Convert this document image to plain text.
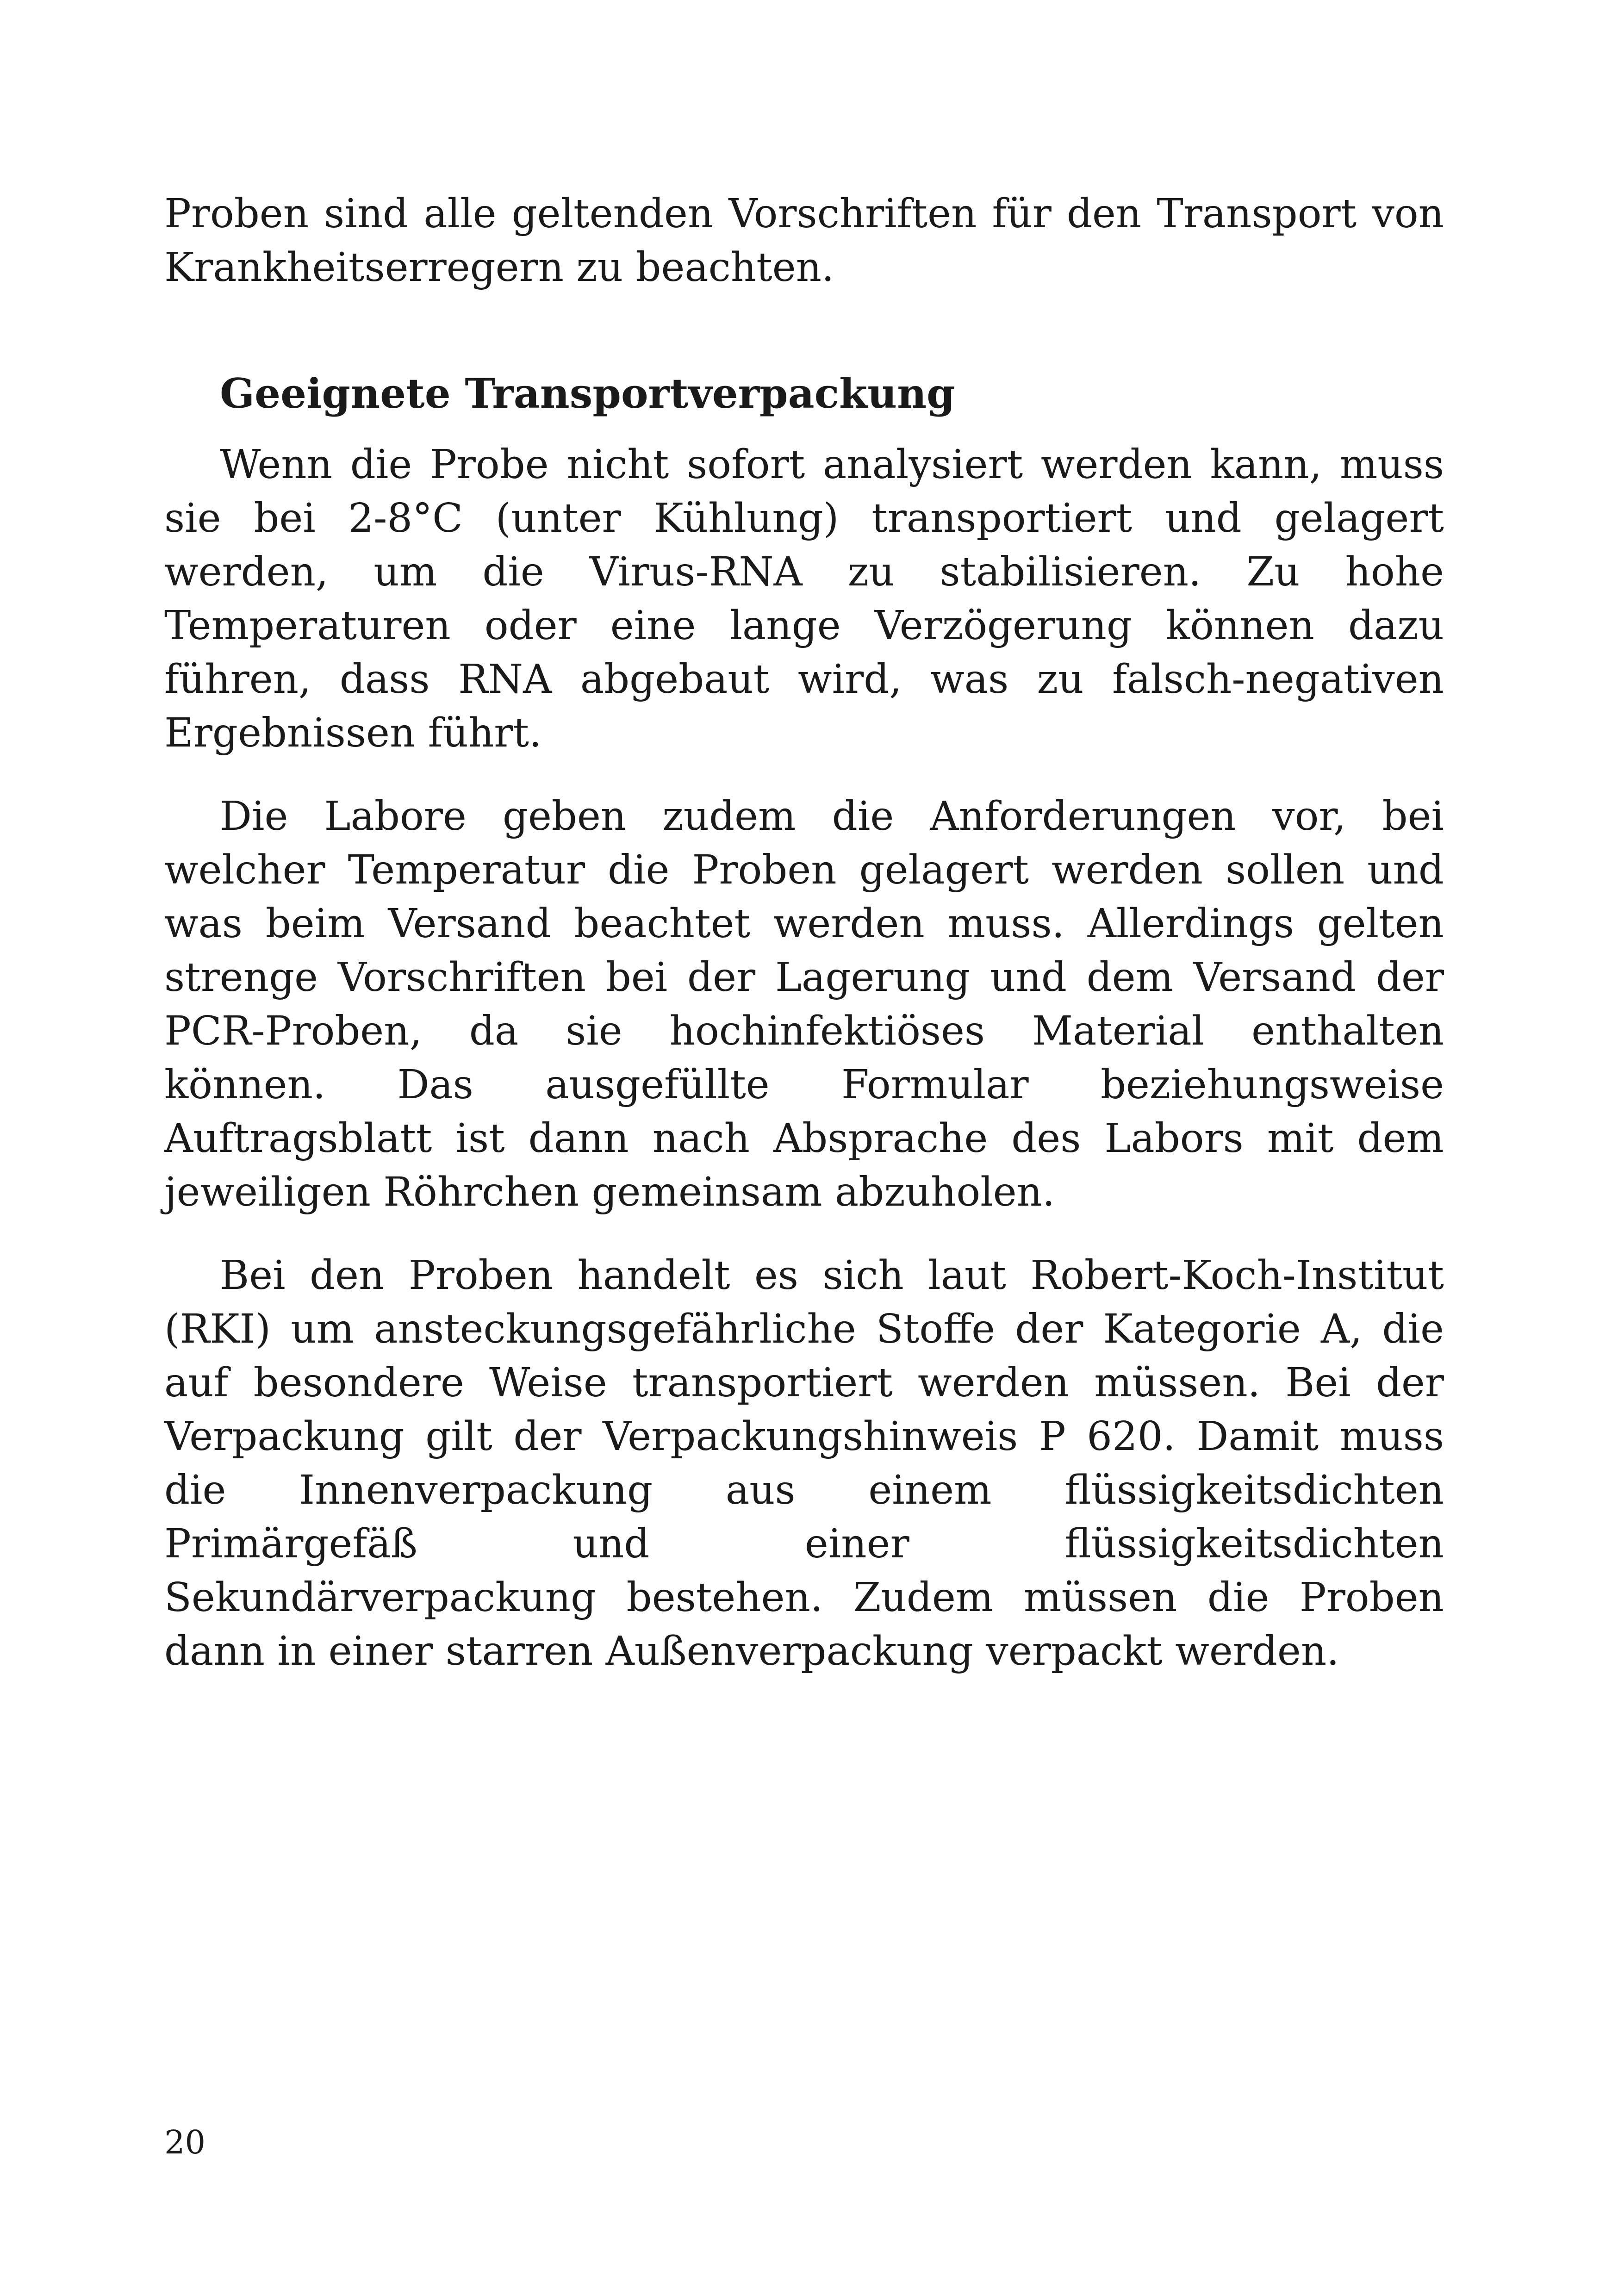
Proben sind alle geltenden Vorschriften für den Transport von Krankheitserregern zu beachten.

Geeignete Transportverpackung

Wenn die Probe nicht sofort analysiert werden kann, muss sie bei 2-8°C (unter Kühlung) transportiert und gelagert werden, um die Virus-RNA zu stabilisieren. Zu hohe Temperaturen oder eine lange Verzögerung können dazu führen, dass RNA abgebaut wird, was zu falsch-negativen Ergebnissen führt.

Die Labore geben zudem die Anforderungen vor, bei welcher Temperatur die Proben gelagert werden sollen und was beim Versand beachtet werden muss. Allerdings gelten strenge Vorschriften bei der Lagerung und dem Versand der PCR-Proben, da sie hochinfektiöses Material enthalten können. Das ausgefüllte Formular beziehungsweise Auftragsblatt ist dann nach Absprache des Labors mit dem jeweiligen Röhrchen gemeinsam abzuholen.

Bei den Proben handelt es sich laut Robert-Koch-Institut (RKI) um ansteckungsgefährliche Stoffe der Kategorie A, die auf besondere Weise transportiert werden müssen. Bei der Verpackung gilt der Verpackungshinweis P 620. Damit muss die Innenverpackung aus einem flüssigkeitsdichten Primärgefäß und einer flüssigkeitsdichten Sekundärverpackung bestehen. Zudem müssen die Proben dann in einer starren Außenverpackung verpackt werden.

20
